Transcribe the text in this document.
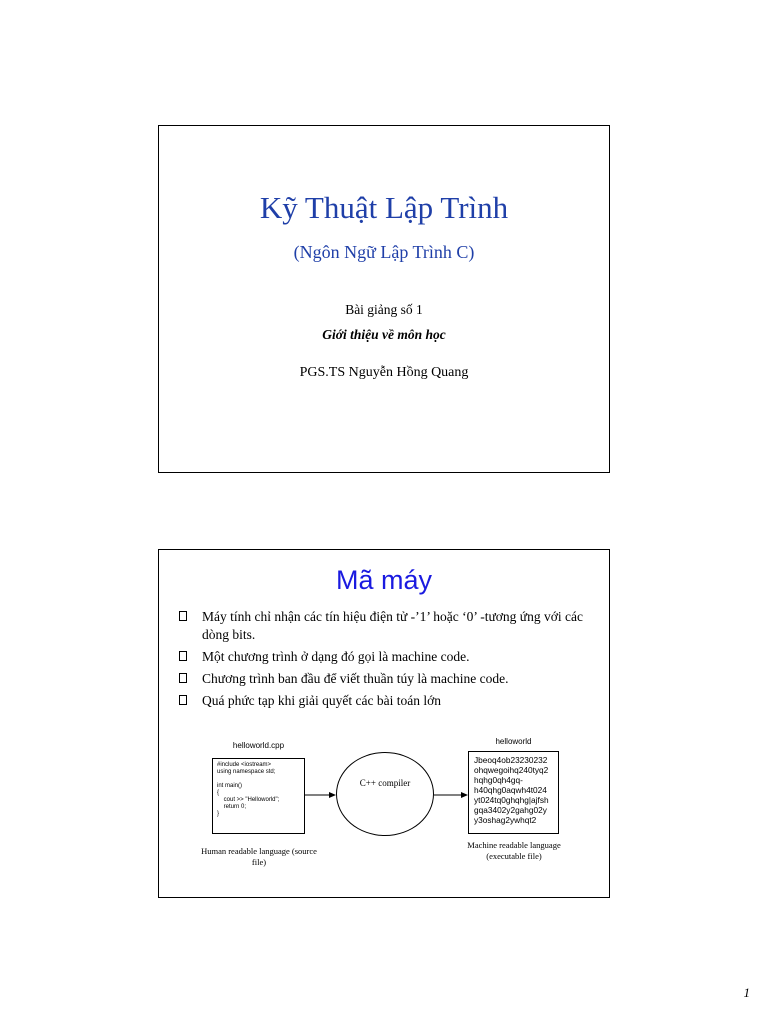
Kỹ Thuật Lập Trình
(Ngôn Ngữ Lập Trình C)
Bài giảng số 1
Giới thiệu về môn học
PGS.TS Nguyễn Hồng Quang
Mã máy
Máy tính chỉ nhận các tín hiệu điện tử -’1’ hoặc ‘0’ -tương ứng với các dòng bits.
Một chương trình ở dạng đó gọi là machine code.
Chương trình ban đầu để viết thuần túy là machine code.
Quá phức tạp khi giải quyết các bài toán lớn
helloworld.cpp
#include <iostream>
using namespace std;

int main()
{
cout >> "Helloworld";
return 0;
}
Human readable language (source file)
C++ compiler
helloworld
Jbeoq4ob23230232 ohqwegoihq240tyq2 hqhg0qh4gq-h40qhg0aqwh4t024 yt024tq0ghqhg|ajfsh gqa3402y2gahg02y y3oshag2ywhqt2
Machine readable language (executable file)
1
